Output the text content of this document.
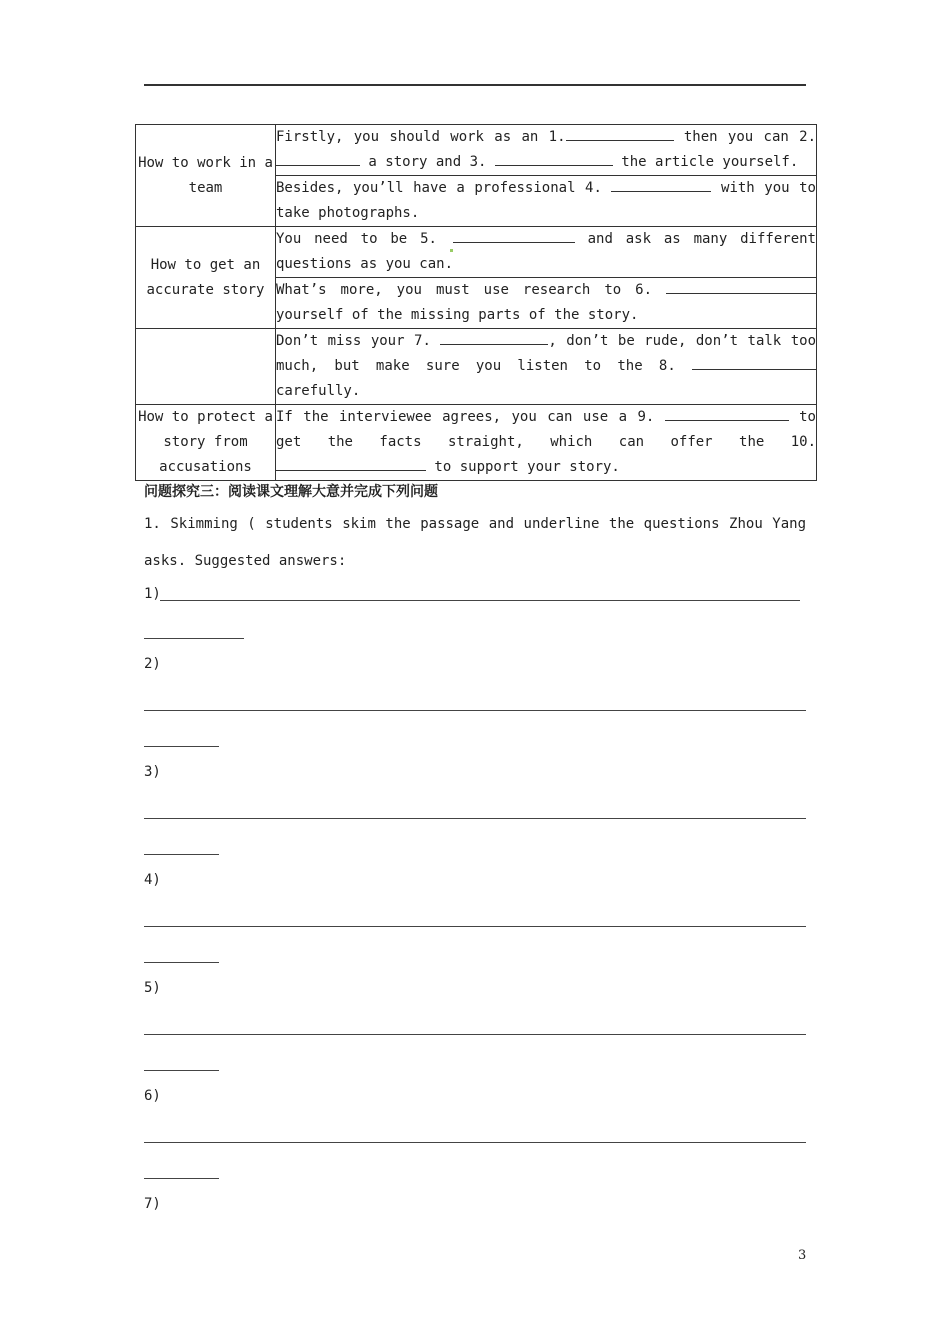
How to work in a team	Firstly, you should work as an 1. then you can 2.  a story and 3. the article yourself.
	Besides, you’ll have a professional 4. with you to take photographs.
How to get an accurate story	You need to be 5. and ask as many different questions as you can.
	What’s more, you must use research to 6.  yourself of the missing parts of the story.
	Don’t miss your 7. , don’t be rude, don’t talk too much, but make sure you listen to the 8.  carefully.
How to protect a story from accusations	If the interviewee agrees, you can use a 9. to get the facts straight, which can offer the 10.  to support your story.
问题探究三：阅读课文理解大意并完成下列问题
1. Skimming ( students skim the passage and underline the questions Zhou Yang asks. Suggested answers:
1)
2)
3)
4)
5)
6)
7)
3
